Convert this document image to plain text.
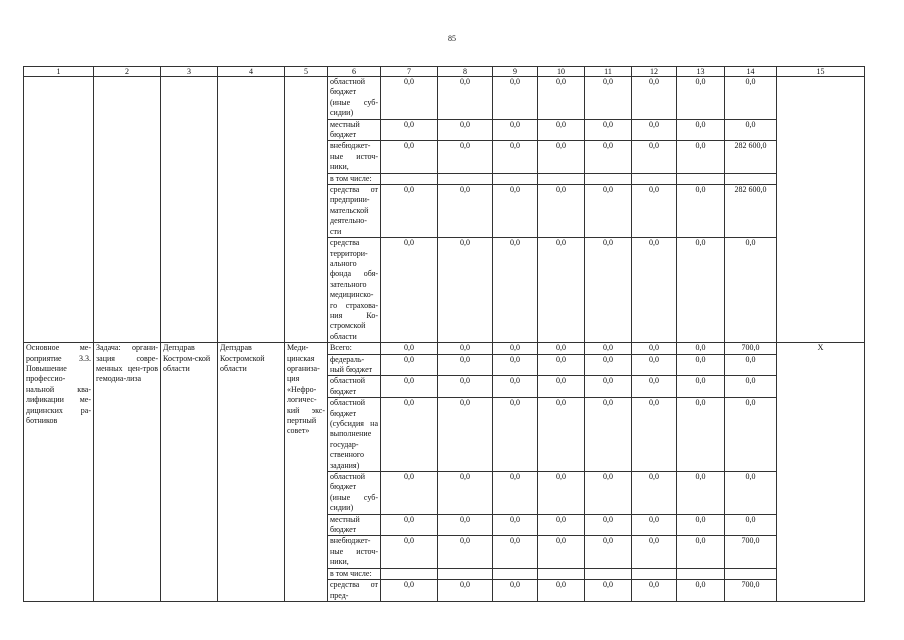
85
1	2	3	4	5	6	7	8	9	10	11	12	13	14	15
					областной бюджет (иные суб-сидии)	0,0	0,0	0,0	0,0	0,0	0,0	0,0	0,0	
					местный бюджет	0,0	0,0	0,0	0,0	0,0	0,0	0,0	0,0	
					внебюджет-ные источ-ники,	0,0	0,0	0,0	0,0	0,0	0,0	0,0	282 600,0	
					в том числе:									
					средства от предприни-мательской деятельно-сти	0,0	0,0	0,0	0,0	0,0	0,0	0,0	282 600,0	
					средства территори-ального фонда обя-зательного медицинско-го страхова-ния Ко-стромской области	0,0	0,0	0,0	0,0	0,0	0,0	0,0	0,0	
Основное ме-роприятие 3.3. Повышение профессио-нальной ква-лификации ме-дицинских ра-ботников	Задача: органи-зация совре-менных цен-тров гемодиа-лиза	Депздрав Костром-ской области	Депздрав Костромской области	Меди-цинская организа-ция «Нефро-логичес-кий экс-пертный совет»	Всего:	0,0	0,0	0,0	0,0	0,0	0,0	0,0	700,0	X
					федераль-ный бюджет	0,0	0,0	0,0	0,0	0,0	0,0	0,0	0,0	
					областной бюджет	0,0	0,0	0,0	0,0	0,0	0,0	0,0	0,0	
					областной бюджет (субсидия на выполнение государ-ственного задания)	0,0	0,0	0,0	0,0	0,0	0,0	0,0	0,0	
					областной бюджет (иные суб-сидии)	0,0	0,0	0,0	0,0	0,0	0,0	0,0	0,0	
					местный бюджет	0,0	0,0	0,0	0,0	0,0	0,0	0,0	0,0	
					внебюджет-ные источ-ники,	0,0	0,0	0,0	0,0	0,0	0,0	0,0	700,0	
					в том числе:									
					средства от пред-	0,0	0,0	0,0	0,0	0,0	0,0	0,0	700,0	
